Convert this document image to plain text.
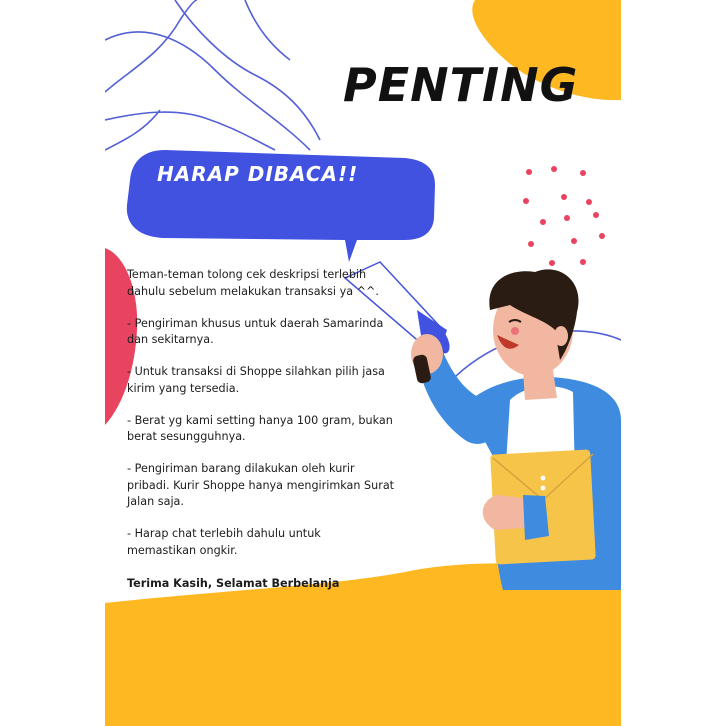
PENTING

HARAP DIBACA!!

Teman-teman tolong cek deskripsi terlebih
dahulu sebelum melakukan transaksi ya ^^.

- Pengiriman khusus untuk daerah Samarinda
dan sekitarnya.

- Untuk transaksi di Shoppe silahkan pilih jasa
kirim yang tersedia.

- Berat yg kami setting hanya 100 gram, bukan
berat sesungguhnya.

- Pengiriman barang dilakukan oleh kurir
pribadi. Kurir Shoppe hanya mengirimkan Surat
Jalan saja.

- Harap chat terlebih dahulu untuk
memastikan ongkir.

Terima Kasih, Selamat Berbelanja
